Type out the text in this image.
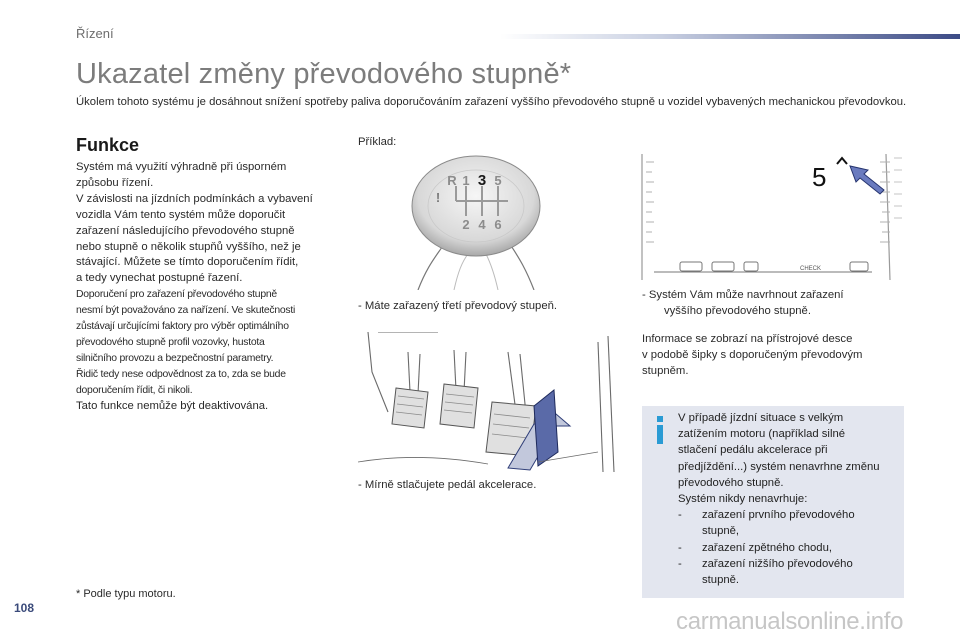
Řízení
Ukazatel změny převodového stupně*

Úkolem tohoto systému je dosáhnout snížení spotřeby paliva doporučováním zařazení vyššího převodového stupně u vozidel vybavených mechanickou převodovkou.

Funkce
Systém má využití výhradně při úsporném
způsobu řízení.
V závislosti na jízdních podmínkách a vybavení
vozidla Vám tento systém může doporučit
zařazení následujícího převodového stupně
nebo stupně o několik stupňů vyššího, než je
stávající. Můžete se tímto doporučením řídit,
a tedy vynechat postupné řazení.
Doporučení pro zařazení převodového stupně
nesmí být považováno za nařízení. Ve skutečnosti
zůstávají určujícími faktory pro výběr optimálního
převodového stupně profil vozovky, hustota
silničního provozu a bezpečnostní parametry.
Řidič tedy nese odpovědnost za to, zda se bude
doporučením řídit, či nikoli.
Tato funkce nemůže být deaktivována.
* Podle typu motoru.
Příklad:
R 1 3 5
2 4 6
!
- Máte zařazený třetí převodový stupeň.
- Mírně stlačujete pedál akcelerace.
5
CHECK
- Systém Vám může navrhnout zařazení
vyššího převodového stupně.
Informace se zobrazí na přístrojové desce
v podobě šipky s doporučeným převodovým
stupněm.
V případě jízdní situace s velkým
zatížením motoru (například silné
stlačení pedálu akcelerace při
předjíždění...) systém nenavrhne změnu
převodového stupně.
Systém nikdy nenavrhuje:
-	zařazení prvního převodového
stupně,
-	zařazení zpětného chodu,
-	zařazení nižšího převodového
stupně.
108	carmanualsonline.info
